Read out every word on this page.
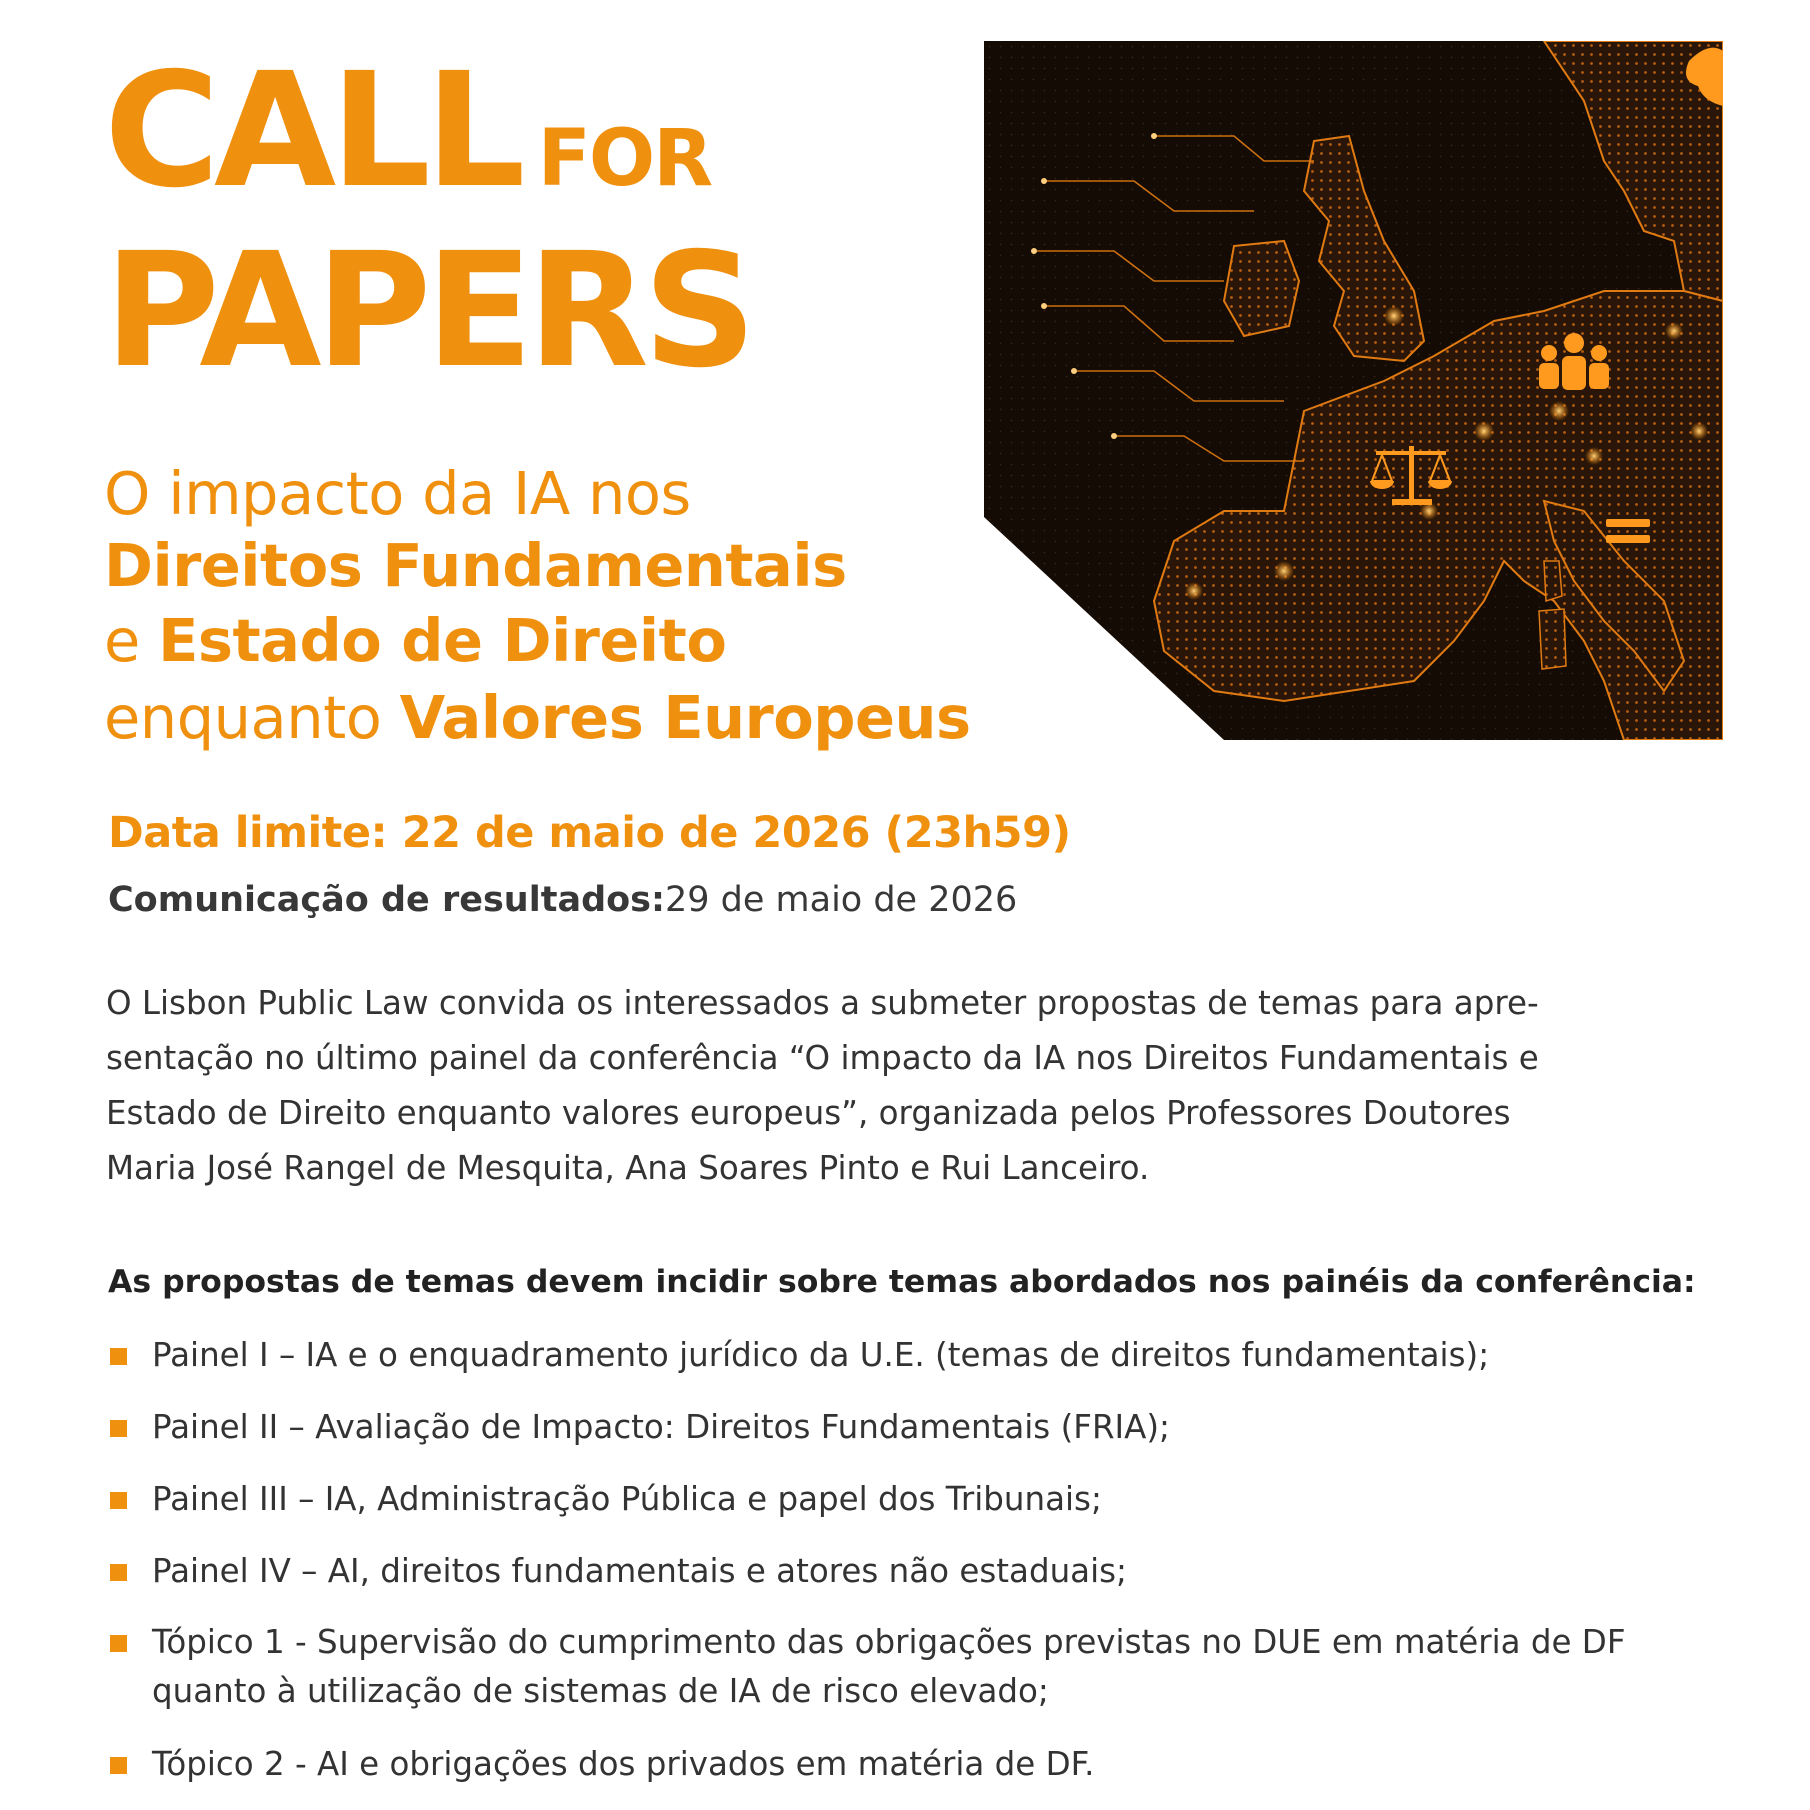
CALL FOR
PAPERS
O impacto da IA nos
Direitos Fundamentais
e Estado de Direito
enquanto Valores Europeus
Data limite: 22 de maio de 2026 (23h59)
Comunicação de resultados:29 de maio de 2026

O Lisbon Public Law convida os interessados a submeter propostas de temas para apre-
sentação no último painel da conferência “O impacto da IA nos Direitos Fundamentais e
Estado de Direito enquanto valores europeus”, organizada pelos Professores Doutores
Maria José Rangel de Mesquita, Ana Soares Pinto e Rui Lanceiro.

As propostas de temas devem incidir sobre temas abordados nos painéis da conferência:
Painel I – IA e o enquadramento jurídico da U.E. (temas de direitos fundamentais);
Painel II – Avaliação de Impacto: Direitos Fundamentais (FRIA);
Painel III – IA, Administração Pública e papel dos Tribunais;
Painel IV – AI, direitos fundamentais e atores não estaduais;
Tópico 1 - Supervisão do cumprimento das obrigações previstas no DUE em matéria de DF
quanto à utilização de sistemas de IA de risco elevado;
Tópico 2 - AI e obrigações dos privados em matéria de DF.
